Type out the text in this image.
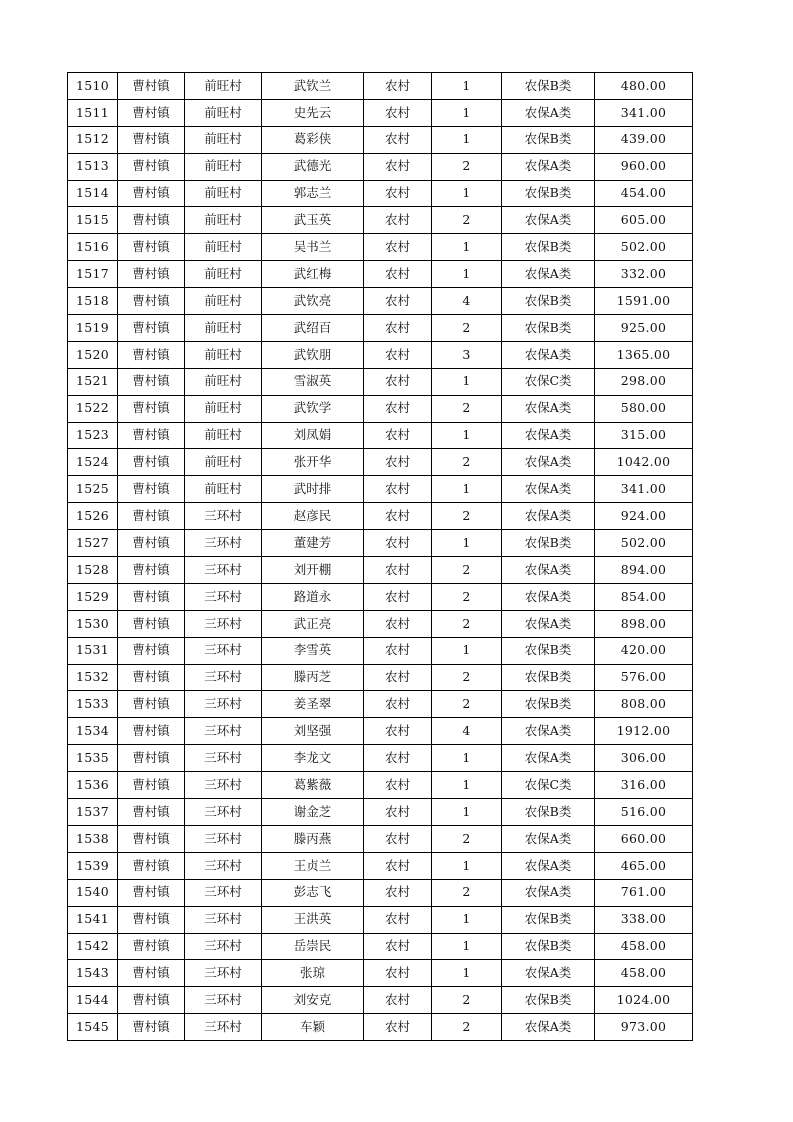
1510	曹村镇	前旺村	武钦兰	农村	1	农保B类	480.00
1511	曹村镇	前旺村	史先云	农村	1	农保A类	341.00
1512	曹村镇	前旺村	葛彩侠	农村	1	农保B类	439.00
1513	曹村镇	前旺村	武德光	农村	2	农保A类	960.00
1514	曹村镇	前旺村	郭志兰	农村	1	农保B类	454.00
1515	曹村镇	前旺村	武玉英	农村	2	农保A类	605.00
1516	曹村镇	前旺村	吴书兰	农村	1	农保B类	502.00
1517	曹村镇	前旺村	武红梅	农村	1	农保A类	332.00
1518	曹村镇	前旺村	武钦亮	农村	4	农保B类	1591.00
1519	曹村镇	前旺村	武绍百	农村	2	农保B类	925.00
1520	曹村镇	前旺村	武钦朋	农村	3	农保A类	1365.00
1521	曹村镇	前旺村	雪淑英	农村	1	农保C类	298.00
1522	曹村镇	前旺村	武钦学	农村	2	农保A类	580.00
1523	曹村镇	前旺村	刘凤娟	农村	1	农保A类	315.00
1524	曹村镇	前旺村	张开华	农村	2	农保A类	1042.00
1525	曹村镇	前旺村	武时排	农村	1	农保A类	341.00
1526	曹村镇	三环村	赵彦民	农村	2	农保A类	924.00
1527	曹村镇	三环村	董建芳	农村	1	农保B类	502.00
1528	曹村镇	三环村	刘开棚	农村	2	农保A类	894.00
1529	曹村镇	三环村	路道永	农村	2	农保A类	854.00
1530	曹村镇	三环村	武正亮	农村	2	农保A类	898.00
1531	曹村镇	三环村	李雪英	农村	1	农保B类	420.00
1532	曹村镇	三环村	滕丙芝	农村	2	农保B类	576.00
1533	曹村镇	三环村	姜圣翠	农村	2	农保B类	808.00
1534	曹村镇	三环村	刘坚强	农村	4	农保A类	1912.00
1535	曹村镇	三环村	李龙文	农村	1	农保A类	306.00
1536	曹村镇	三环村	葛紫薇	农村	1	农保C类	316.00
1537	曹村镇	三环村	谢金芝	农村	1	农保B类	516.00
1538	曹村镇	三环村	滕丙燕	农村	2	农保A类	660.00
1539	曹村镇	三环村	王贞兰	农村	1	农保A类	465.00
1540	曹村镇	三环村	彭志飞	农村	2	农保A类	761.00
1541	曹村镇	三环村	王洪英	农村	1	农保B类	338.00
1542	曹村镇	三环村	岳崇民	农村	1	农保B类	458.00
1543	曹村镇	三环村	张琼	农村	1	农保A类	458.00
1544	曹村镇	三环村	刘安克	农村	2	农保B类	1024.00
1545	曹村镇	三环村	车颖	农村	2	农保A类	973.00
